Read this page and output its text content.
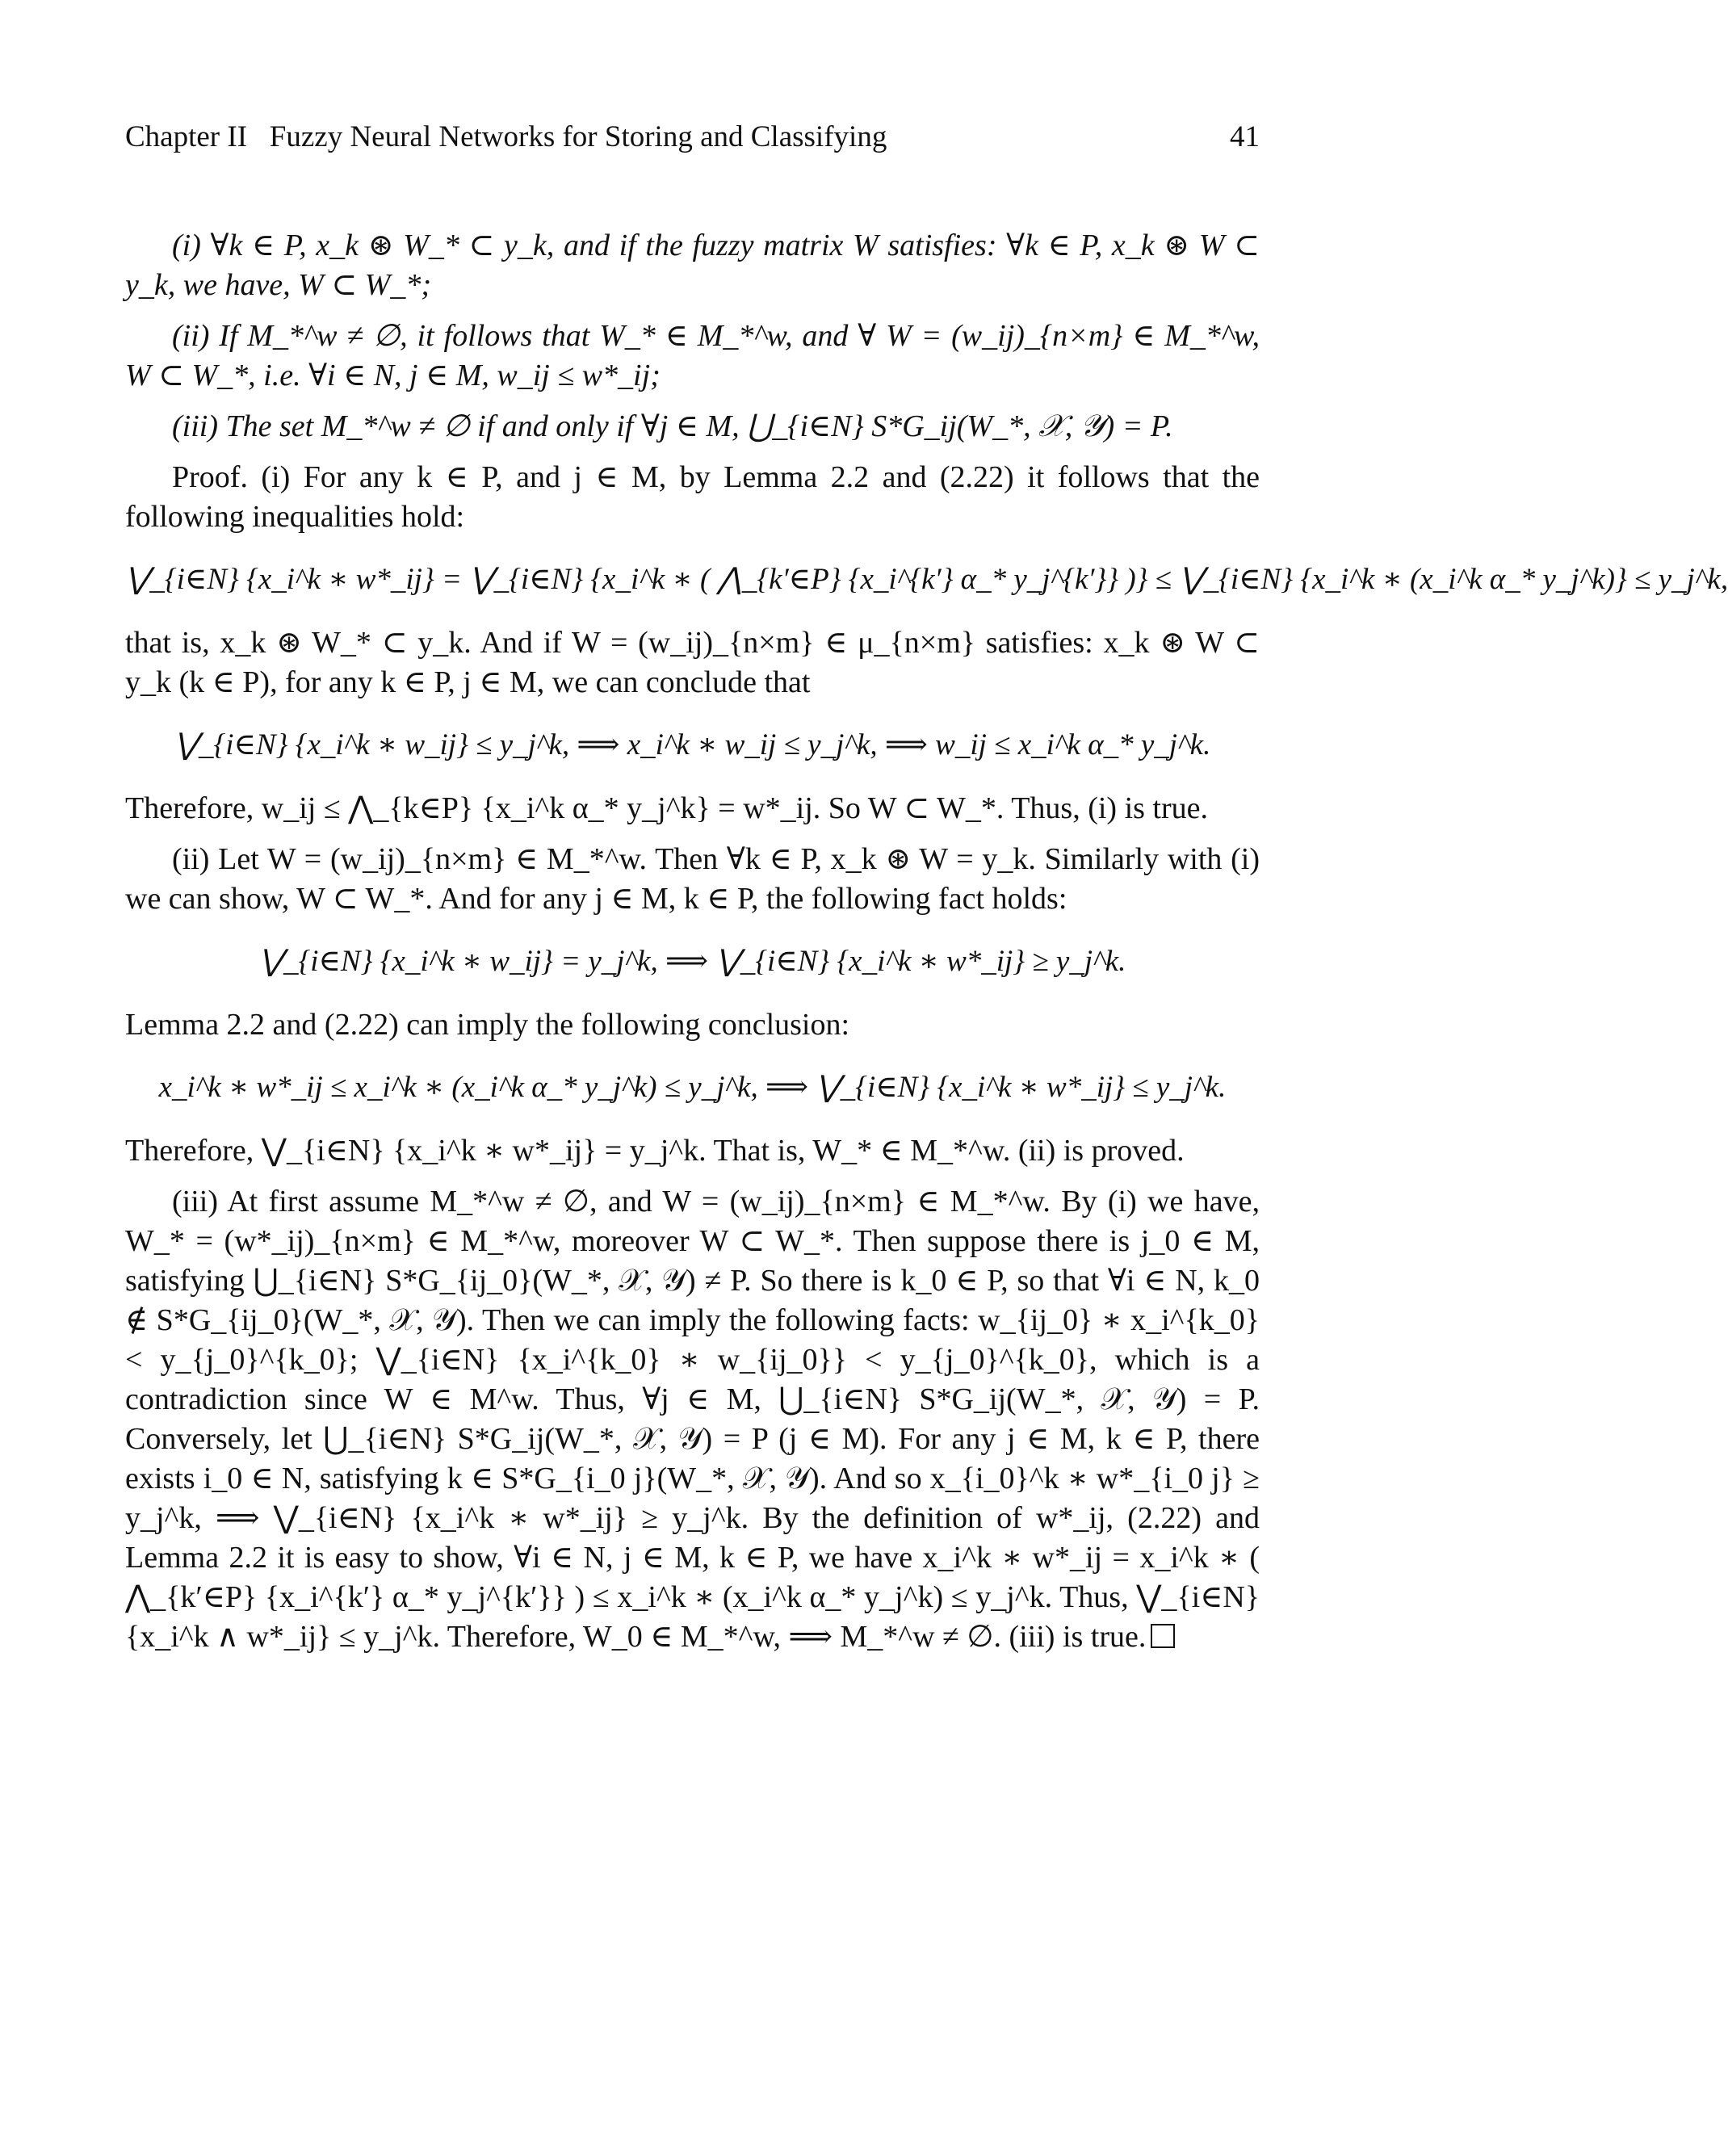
Chapter II Fuzzy Neural Networks for Storing and Classifying	41

(i) ∀k ∈ P, x_k ⊛ W_* ⊂ y_k, and if the fuzzy matrix W satisfies: ∀k ∈ P, x_k ⊛ W ⊂ y_k, we have, W ⊂ W_*;

(ii) If M_*^w ≠ ∅, it follows that W_* ∈ M_*^w, and ∀ W = (w_ij)_{n×m} ∈ M_*^w, W ⊂ W_*, i.e. ∀i ∈ N, j ∈ M, w_ij ≤ w*_ij;

(iii) The set M_*^w ≠ ∅ if and only if ∀j ∈ M, ⋃_{i∈N} S*G_ij(W_*, 𝒳, 𝒴) = P.

Proof. (i) For any k ∈ P, and j ∈ M, by Lemma 2.2 and (2.22) it follows that the following inequalities hold:

⋁_{i∈N} {x_i^k ∗ w*_ij} = ⋁_{i∈N} {x_i^k ∗ ( ⋀_{k′∈P} {x_i^{k′} α_* y_j^{k′}} )} ≤ ⋁_{i∈N} {x_i^k ∗ (x_i^k α_* y_j^k)} ≤ y_j^k,

that is, x_k ⊛ W_* ⊂ y_k. And if W = (w_ij)_{n×m} ∈ μ_{n×m} satisfies: x_k ⊛ W ⊂ y_k (k ∈ P), for any k ∈ P, j ∈ M, we can conclude that

⋁_{i∈N} {x_i^k ∗ w_ij} ≤ y_j^k, ⟹ x_i^k ∗ w_ij ≤ y_j^k, ⟹ w_ij ≤ x_i^k α_* y_j^k.

Therefore, w_ij ≤ ⋀_{k∈P} {x_i^k α_* y_j^k} = w*_ij. So W ⊂ W_*. Thus, (i) is true.

(ii) Let W = (w_ij)_{n×m} ∈ M_*^w. Then ∀k ∈ P, x_k ⊛ W = y_k. Similarly with (i) we can show, W ⊂ W_*. And for any j ∈ M, k ∈ P, the following fact holds:

⋁_{i∈N} {x_i^k ∗ w_ij} = y_j^k, ⟹ ⋁_{i∈N} {x_i^k ∗ w*_ij} ≥ y_j^k.

Lemma 2.2 and (2.22) can imply the following conclusion:

x_i^k ∗ w*_ij ≤ x_i^k ∗ (x_i^k α_* y_j^k) ≤ y_j^k, ⟹ ⋁_{i∈N} {x_i^k ∗ w*_ij} ≤ y_j^k.

Therefore, ⋁_{i∈N} {x_i^k ∗ w*_ij} = y_j^k. That is, W_* ∈ M_*^w. (ii) is proved.

(iii) At first assume M_*^w ≠ ∅, and W = (w_ij)_{n×m} ∈ M_*^w. By (i) we have, W_* = (w*_ij)_{n×m} ∈ M_*^w, moreover W ⊂ W_*. Then suppose there is j_0 ∈ M, satisfying ⋃_{i∈N} S*G_{ij_0}(W_*, 𝒳, 𝒴) ≠ P. So there is k_0 ∈ P, so that ∀i ∈ N, k_0 ∉ S*G_{ij_0}(W_*, 𝒳, 𝒴). Then we can imply the following facts: w_{ij_0} ∗ x_i^{k_0} < y_{j_0}^{k_0}; ⋁_{i∈N} {x_i^{k_0} ∗ w_{ij_0}} < y_{j_0}^{k_0}, which is a contradiction since W ∈ M^w. Thus, ∀j ∈ M, ⋃_{i∈N} S*G_ij(W_*, 𝒳, 𝒴) = P. Conversely, let ⋃_{i∈N} S*G_ij(W_*, 𝒳, 𝒴) = P (j ∈ M). For any j ∈ M, k ∈ P, there exists i_0 ∈ N, satisfying k ∈ S*G_{i_0 j}(W_*, 𝒳, 𝒴). And so x_{i_0}^k ∗ w*_{i_0 j} ≥ y_j^k, ⟹ ⋁_{i∈N} {x_i^k ∗ w*_ij} ≥ y_j^k. By the definition of w*_ij, (2.22) and Lemma 2.2 it is easy to show, ∀i ∈ N, j ∈ M, k ∈ P, we have x_i^k ∗ w*_ij = x_i^k ∗ ( ⋀_{k′∈P} {x_i^{k′} α_* y_j^{k′}} ) ≤ x_i^k ∗ (x_i^k α_* y_j^k) ≤ y_j^k. Thus, ⋁_{i∈N} {x_i^k ∧ w*_ij} ≤ y_j^k. Therefore, W_0 ∈ M_*^w, ⟹ M_*^w ≠ ∅. (iii) is true.
